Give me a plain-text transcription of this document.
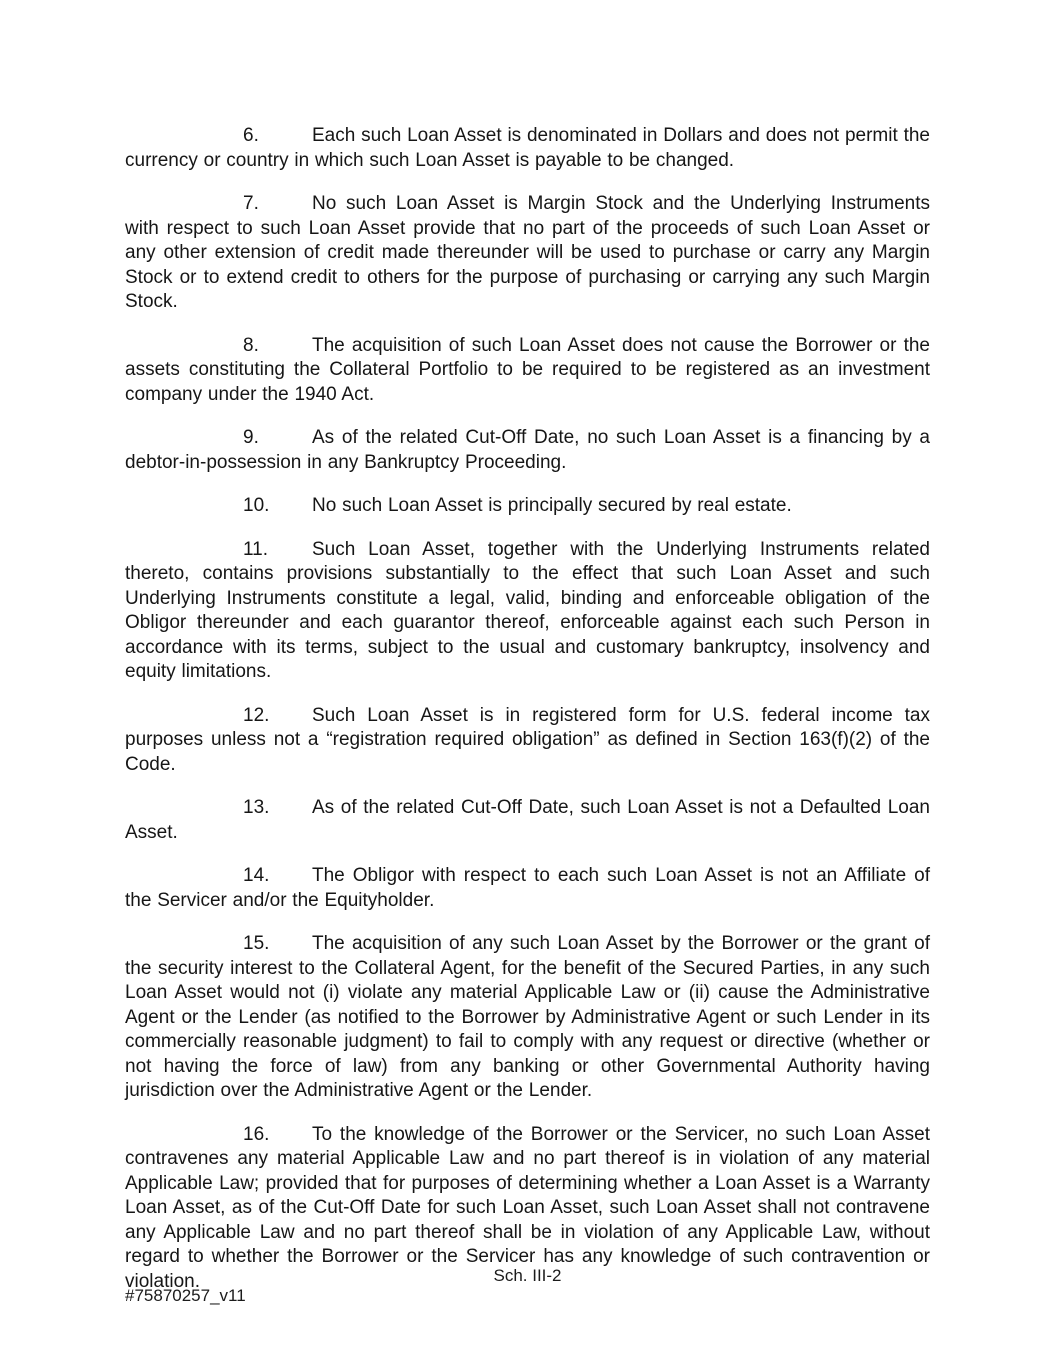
6.	Each such Loan Asset is denominated in Dollars and does not permit the currency or country in which such Loan Asset is payable to be changed.

7.	No such Loan Asset is Margin Stock and the Underlying Instruments with respect to such Loan Asset provide that no part of the proceeds of such Loan Asset or any other extension of credit made thereunder will be used to purchase or carry any Margin Stock or to extend credit to others for the purpose of purchasing or carrying any such Margin Stock.

8.	The acquisition of such Loan Asset does not cause the Borrower or the assets constituting the Collateral Portfolio to be required to be registered as an investment company under the 1940 Act.

9.	As of the related Cut-Off Date, no such Loan Asset is a financing by a debtor-in-possession in any Bankruptcy Proceeding.

10. No such Loan Asset is principally secured by real estate.

11. Such Loan Asset, together with the Underlying Instruments related thereto, contains provisions substantially to the effect that such Loan Asset and such Underlying Instruments constitute a legal, valid, binding and enforceable obligation of the Obligor thereunder and each guarantor thereof, enforceable against each such Person in accordance with its terms, subject to the usual and customary bankruptcy, insolvency and equity limitations.

12. Such Loan Asset is in registered form for U.S. federal income tax purposes unless not a “registration required obligation” as defined in Section 163(f)(2) of the Code.

13. As of the related Cut-Off Date, such Loan Asset is not a Defaulted Loan Asset.

14. The Obligor with respect to each such Loan Asset is not an Affiliate of the Servicer and/or the Equityholder.

15. The acquisition of any such Loan Asset by the Borrower or the grant of the security interest to the Collateral Agent, for the benefit of the Secured Parties, in any such Loan Asset would not (i) violate any material Applicable Law or (ii) cause the Administrative Agent or the Lender (as notified to the Borrower by Administrative Agent or such Lender in its commercially reasonable judgment) to fail to comply with any request or directive (whether or not having the force of law) from any banking or other Governmental Authority having jurisdiction over the Administrative Agent or the Lender.

16. To the knowledge of the Borrower or the Servicer, no such Loan Asset contravenes any material Applicable Law and no part thereof is in violation of any material Applicable Law; provided that for purposes of determining whether a Loan Asset is a Warranty Loan Asset, as of the Cut-Off Date for such Loan Asset, such Loan Asset shall not contravene any Applicable Law and no part thereof shall be in violation of any Applicable Law, without regard to whether the Borrower or the Servicer has any knowledge of such contravention or violation.	Sch. III-2
#75870257_v11
